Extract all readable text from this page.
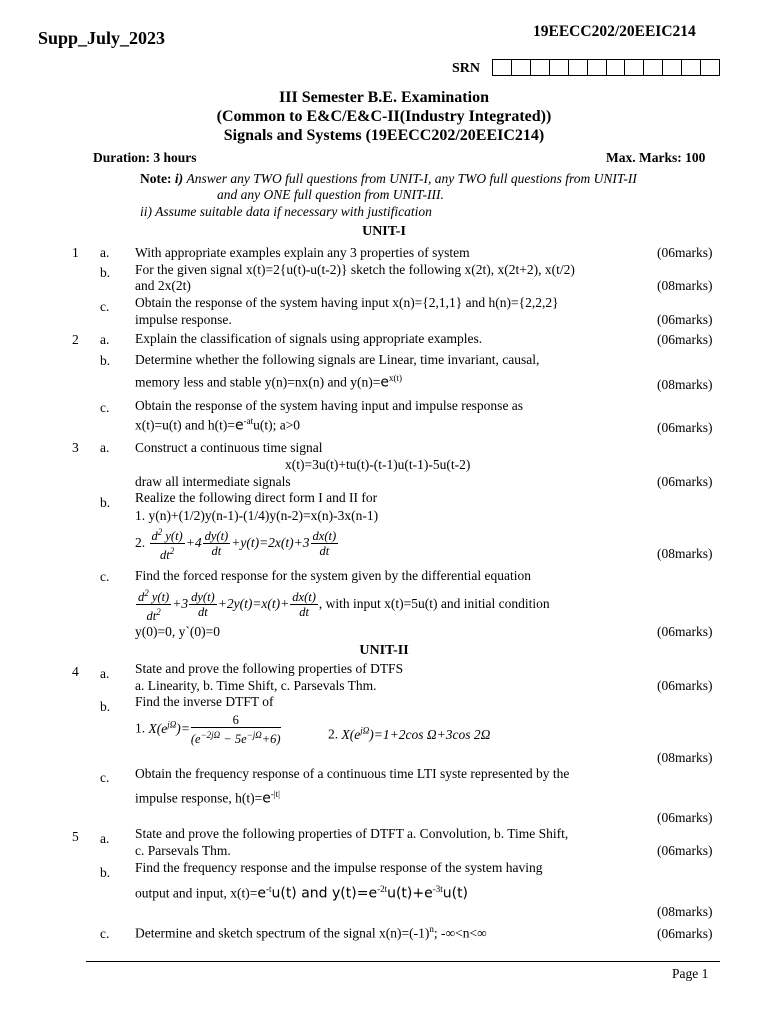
Supp_July_2023	19EECC202/20EEIC214
SRN
III Semester B.E. Examination
(Common to E&C/E&C-II(Industry Integrated))
Signals and Systems (19EECC202/20EEIC214)
Duration: 3 hours	Max. Marks: 100
Note: i) Answer any TWO full questions from UNIT-I, any TWO full questions from UNIT-II
and any ONE full question from UNIT-III.
ii) Assume suitable data if necessary with justification
UNIT-I
1 a. With appropriate examples explain any 3 properties of system	(06marks)
b. For the given signal x(t)=2{u(t)-u(t-2)} sketch the following x(2t), x(2t+2), x(t/2)
and 2x(2t)	(08marks)
c. Obtain the response of the system having input x(n)={2,1,1} and h(n)={2,2,2}
impulse response.	(06marks)
2 a. Explain the classification of signals using appropriate examples.	(06marks)
b. Determine whether the following signals are Linear, time invariant, causal,
memory less and stable y(n)=nx(n) and $y(n)=e^{x(t)}$	(08marks)
c. Obtain the response of the system having input and impulse response as
x(t)=u(t) and $h(t)=e^{-at}u(t)$; a>0	(06marks)
3 a. Construct a continuous time signal
x(t)=3u(t)+tu(t)-(t-1)u(t-1)-5u(t-2)
draw all intermediate signals	(06marks)
b. Realize the following direct form I and II for
1. y(n)+(1/2)y(n-1)-(1/4)y(n-2)=x(n)-3x(n-1)
2. $\frac{d^2 y(t)}{dt^2} +4 \frac{dy(t)}{dt} +y(t)=2x(t)+3 \frac{dx(t)}{dt}$	(08marks)
c. Find the forced response for the system given by the differential equation
$\frac{d^2 y(t)}{dt^2} +3 \frac{dy(t)}{dt} +2y(t)=x(t)+ \frac{dx(t)}{dt}$ , with input x(t)=5u(t) and initial condition
y(0)=0, y`(0)=0	(06marks)
UNIT-II
4 a. State and prove the following properties of DTFS
a. Linearity, b. Time Shift, c. Parsevals Thm.	(06marks)
b. Find the inverse DTFT of
1. $X(e^{j\Omega})= \frac{6}{(e^{-2j\Omega} - 5e^{-j\Omega}+6)}$	2. $X(e^{j\Omega})=1+2\cos$ Ω+3cos 2Ω
(08marks)
c. Obtain the frequency response of a continuous time LTI syste represented by the
impulse response, $h(t)=e^{-|t|}$
(06marks)
5 a. State and prove the following properties of DTFT a. Convolution, b. Time Shift,
c. Parsevals Thm.	(06marks)
b. Find the frequency response and the impulse response of the system having
output and input, $x(t)=e^{-t}u(t)$ and $y(t)=e^{-2t}u(t)+e^{-3t}u(t)$
(08marks)
c. Determine and sketch spectrum of the signal $x(n)=(-1)^n$; -∞<n<∞	(06marks)
Page 1
